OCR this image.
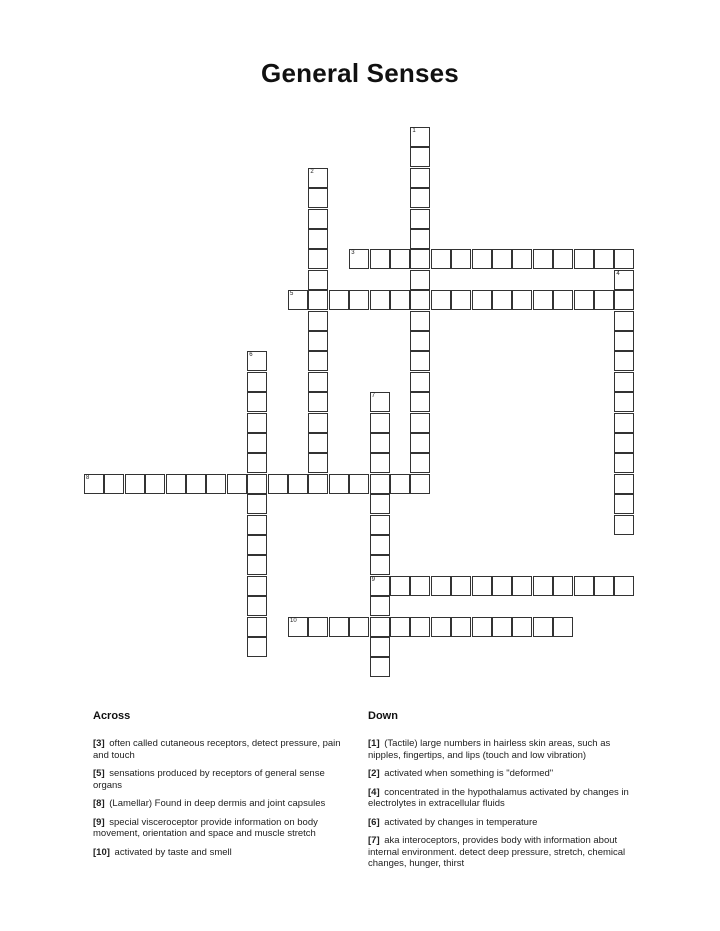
General Senses
1
2
3
4
5
6
7
9
8
10
Across
[3] often called cutaneous receptors, detect pressure, pain and touch
[5] sensations produced by receptors of general sense organs
[8] (Lamellar) Found in deep dermis and joint capsules
[9] special visceroceptor provide information on body movement, orientation and space and muscle stretch
[10] activated by taste and smell
Down
[1] (Tactile) large numbers in hairless skin areas, such as nipples, fingertips, and lips (touch and low vibration)
[2] activated when something is "deformed"
[4] concentrated in the hypothalamus activated by changes in electrolytes in extracellular fluids
[6] activated by changes in temperature
[7] aka interoceptors, provides body with information about internal environment. detect deep pressure, stretch, chemical changes, hunger, thirst
